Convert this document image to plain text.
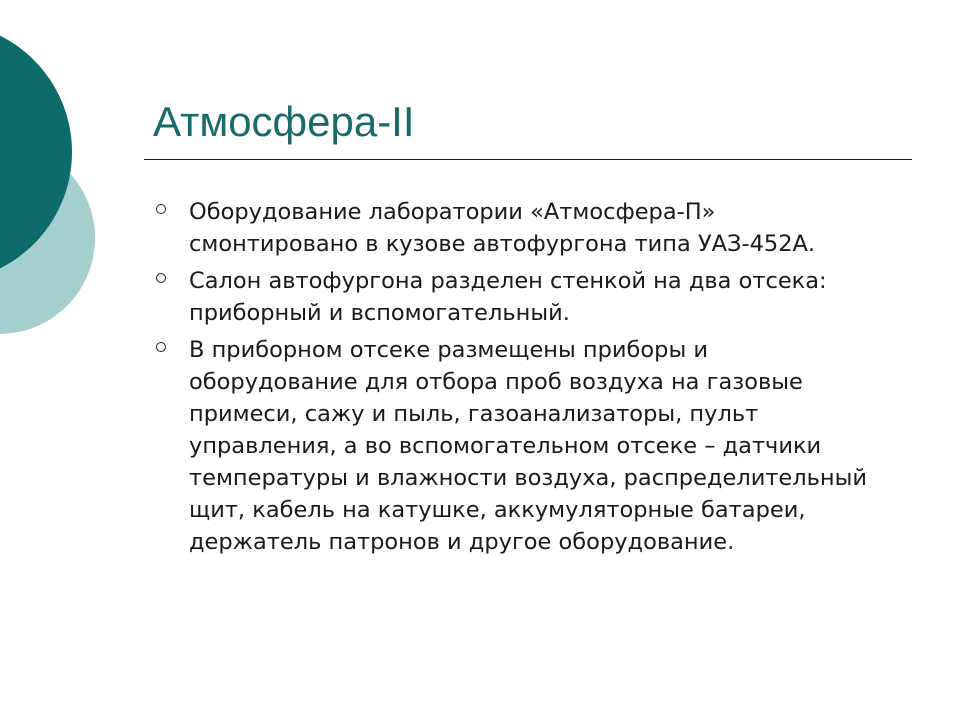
Атмосфера-II
Оборудование лаборатории «Атмосфера-П» смонтировано в кузове автофургона типа УАЗ-452А.
Салон автофургона разделен стенкой на два отсека: приборный и вспомогательный.
В приборном отсеке размещены приборы и оборудование для отбора проб воздуха на газовые примеси, сажу и пыль, газоанализаторы, пульт управления, а во вспомогательном отсеке – датчики температуры и влажности воздуха, распределительный щит, кабель на катушке, аккумуляторные батареи, держатель патронов и другое оборудование.
